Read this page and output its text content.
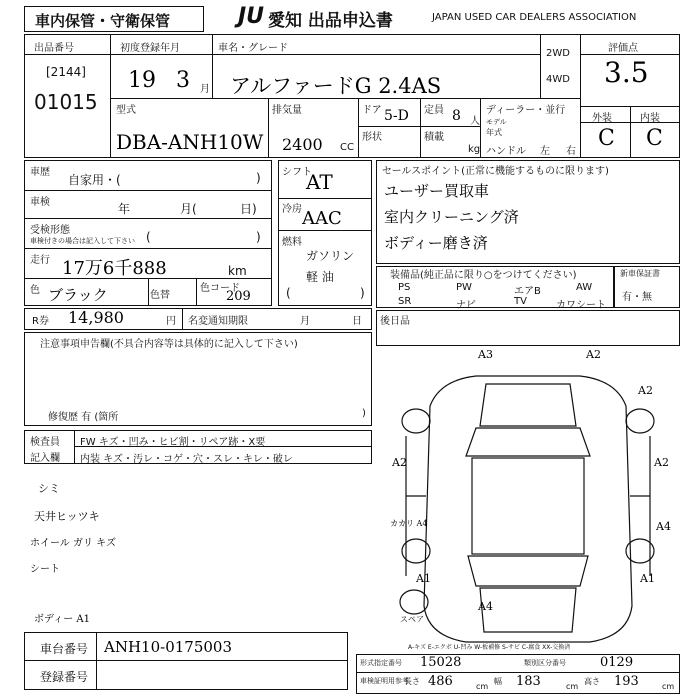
車内保管・守衛保管	JU 愛知 出品申込書	JAPAN USED CAR DEALERS ASSOCIATION
出品番号
[2144]
01015
初度登録年月
19 3 月
車名・グレード
アルファードG 2.4AS
2WD
4WD
評価点
3.5
型式
DBA-ANH10W
排気量
2400 CC
ドア 5-D 定員 8 人
形状	積載
kg
ディーラー・並行
モデル
年式
ハンドル 左 右
外装	内装
C C
車歴
自家用・(	)
車検	年	月(	日)
受検形態
車検付きの場合は記入して下さい (	)
走行 17万6千888	km
色 ブラック	色替
色コード
209
シフト
AT
冷房 AAC
燃料
ガソリン
軽 油
(	)
R券 14,980	円 名変通知期限	月	日
注意事項申告欄(不具合内容等は具体的に記入して下さい)
修復歴 有 (箇所	)
セールスポイント(正常に機能するものに限ります)
ユーザー買取車
室内クリーニング済
ボディー磨き済
装備品(純正品に限り○をつけてください)
AW
PS	PW	エアB
SR	ナビ	TV	カワシート
新車保証書
有・無
後日品
スペア
A3	A2
A2
A2
A2
A1	A1
A4
A4
カカリ A4
A-キズ E-エクボ U-凹み W-板補修 S-サビ C-腐食 XX-交換済
検査員
記入欄
FW キズ・凹み・ヒビ割・リペア跡・X要
内装 キズ・汚レ・コゲ・穴・スレ・キレ・破レ
シミ
天井ヒッツキ
ホイール ガリ キズ
シート
ボディー A1
車台番号 ANH10-0175003
登録番号
形式指定番号 15028	類別区分番号	0129
車検証明用参考
長さ 486	cm
幅 183	cm
高さ 193	cm
